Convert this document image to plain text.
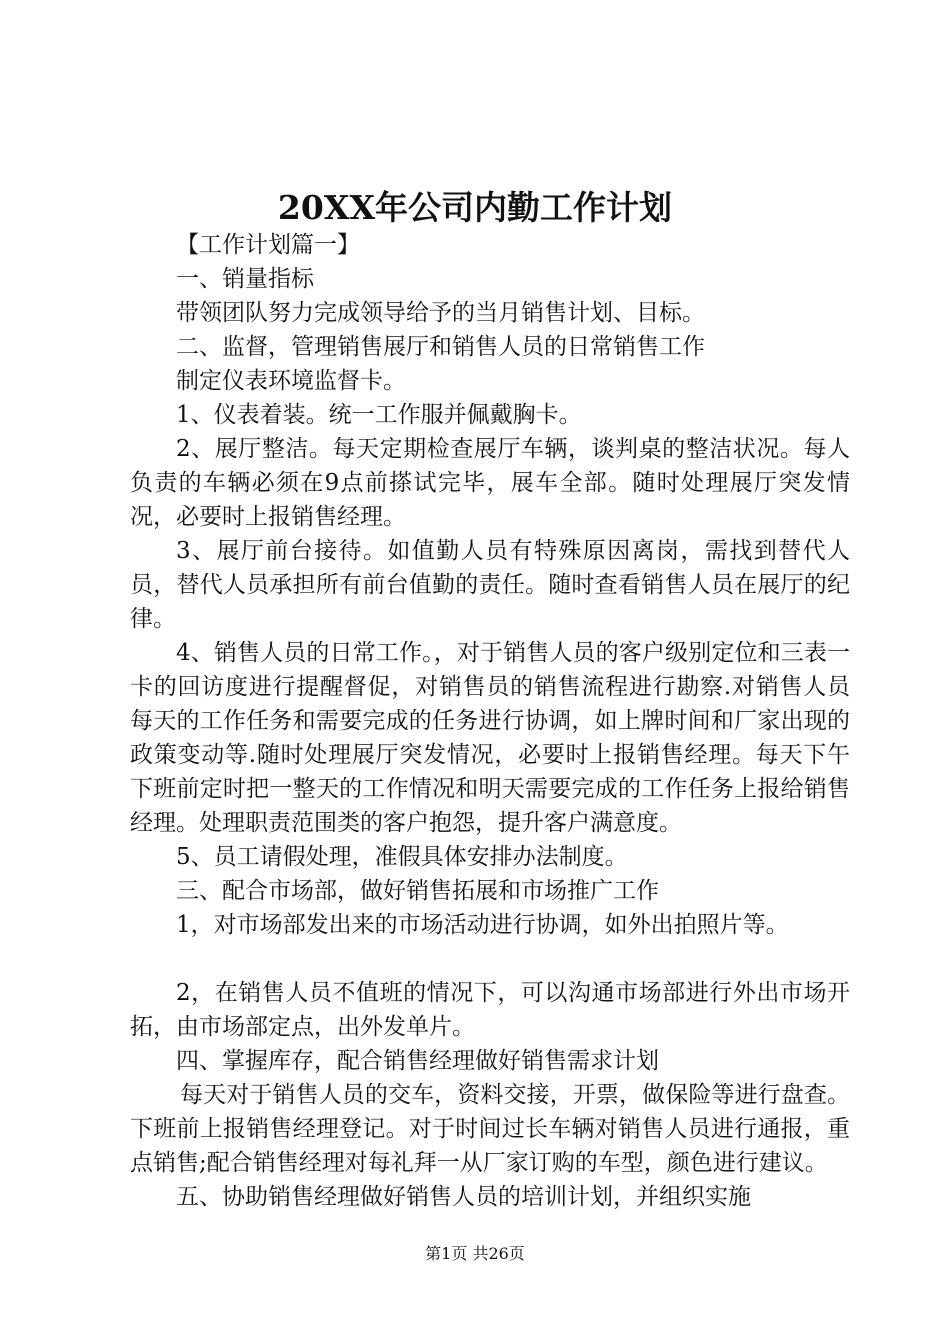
20XX年公司内勤工作计划

【工作计划篇一】

一、销量指标

带领团队努力完成领导给予的当月销售计划、目标。

二、监督，管理销售展厅和销售人员的日常销售工作

制定仪表环境监督卡。

1、仪表着装。统一工作服并佩戴胸卡。

2、展厅整洁。每天定期检查展厅车辆，谈判桌的整洁状况。每人负责的车辆必须在9点前搽试完毕，展车全部。随时处理展厅突发情况，必要时上报销售经理。

3、展厅前台接待。如值勤人员有特殊原因离岗，需找到替代人员，替代人员承担所有前台值勤的责任。随时查看销售人员在展厅的纪律。

4、销售人员的日常工作。，对于销售人员的客户级别定位和三表一卡的回访度进行提醒督促，对销售员的销售流程进行勘察.对销售人员每天的工作任务和需要完成的任务进行协调，如上牌时间和厂家出现的政策变动等.随时处理展厅突发情况，必要时上报销售经理。每天下午下班前定时把一整天的工作情况和明天需要完成的工作任务上报给销售经理。处理职责范围类的客户抱怨，提升客户满意度。

5、员工请假处理，准假具体安排办法制度。

三、配合市场部，做好销售拓展和市场推广工作

1，对市场部发出来的市场活动进行协调，如外出拍照片等。

2，在销售人员不值班的情况下，可以沟通市场部进行外出市场开拓，由市场部定点，出外发单片。

四、掌握库存，配合销售经理做好销售需求计划

每天对于销售人员的交车，资料交接，开票，做保险等进行盘查。下班前上报销售经理登记。对于时间过长车辆对销售人员进行通报，重点销售;配合销售经理对每礼拜一从厂家订购的车型，颜色进行建议。

五、协助销售经理做好销售人员的培训计划，并组织实施

第1页 共26页
